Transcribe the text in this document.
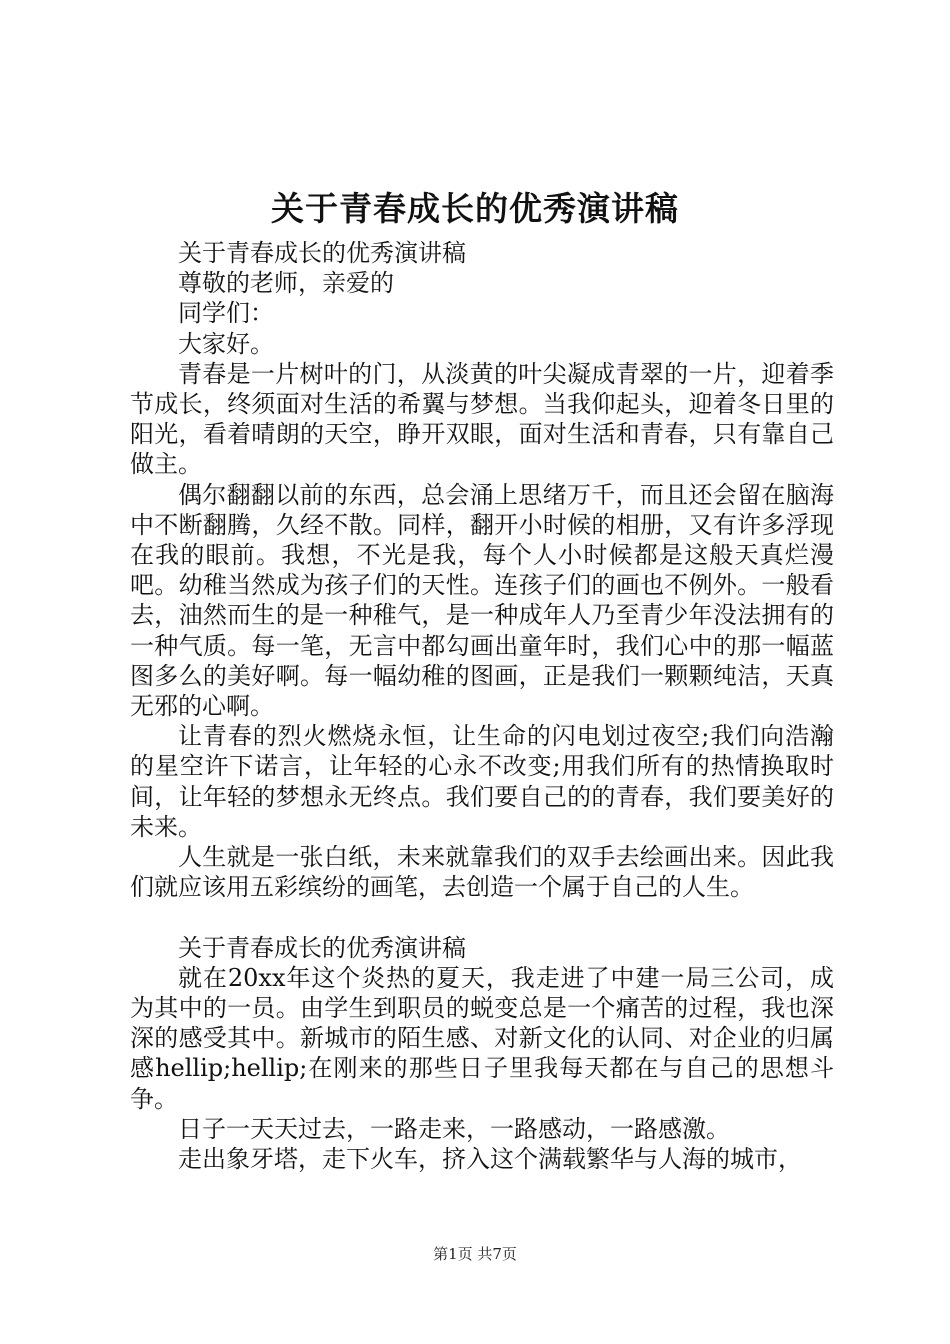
关于青春成长的优秀演讲稿

关于青春成长的优秀演讲稿

尊敬的老师，亲爱的

同学们：

大家好。

青春是一片树叶的门，从淡黄的叶尖凝成青翠的一片，迎着季节成长，终须面对生活的希翼与梦想。当我仰起头，迎着冬日里的阳光，看着晴朗的天空，睁开双眼，面对生活和青春，只有靠自己做主。

偶尔翻翻以前的东西，总会涌上思绪万千，而且还会留在脑海中不断翻腾，久经不散。同样，翻开小时候的相册，又有许多浮现在我的眼前。我想，不光是我，每个人小时候都是这般天真烂漫吧。幼稚当然成为孩子们的天性。连孩子们的画也不例外。一般看去，油然而生的是一种稚气，是一种成年人乃至青少年没法拥有的一种气质。每一笔，无言中都勾画出童年时，我们心中的那一幅蓝图多么的美好啊。每一幅幼稚的图画，正是我们一颗颗纯洁，天真无邪的心啊。

让青春的烈火燃烧永恒，让生命的闪电划过夜空;我们向浩瀚的星空许下诺言，让年轻的心永不改变;用我们所有的热情换取时间，让年轻的梦想永无终点。我们要自己的的青春，我们要美好的未来。

人生就是一张白纸，未来就靠我们的双手去绘画出来。因此我们就应该用五彩缤纷的画笔，去创造一个属于自己的人生。

关于青春成长的优秀演讲稿

就在20xx年这个炎热的夏天，我走进了中建一局三公司，成为其中的一员。由学生到职员的蜕变总是一个痛苦的过程，我也深深的感受其中。新城市的陌生感、对新文化的认同、对企业的归属感hellip;hellip;在刚来的那些日子里我每天都在与自己的思想斗争。

日子一天天过去，一路走来，一路感动，一路感激。

走出象牙塔，走下火车，挤入这个满载繁华与人海的城市，

第1页 共7页
